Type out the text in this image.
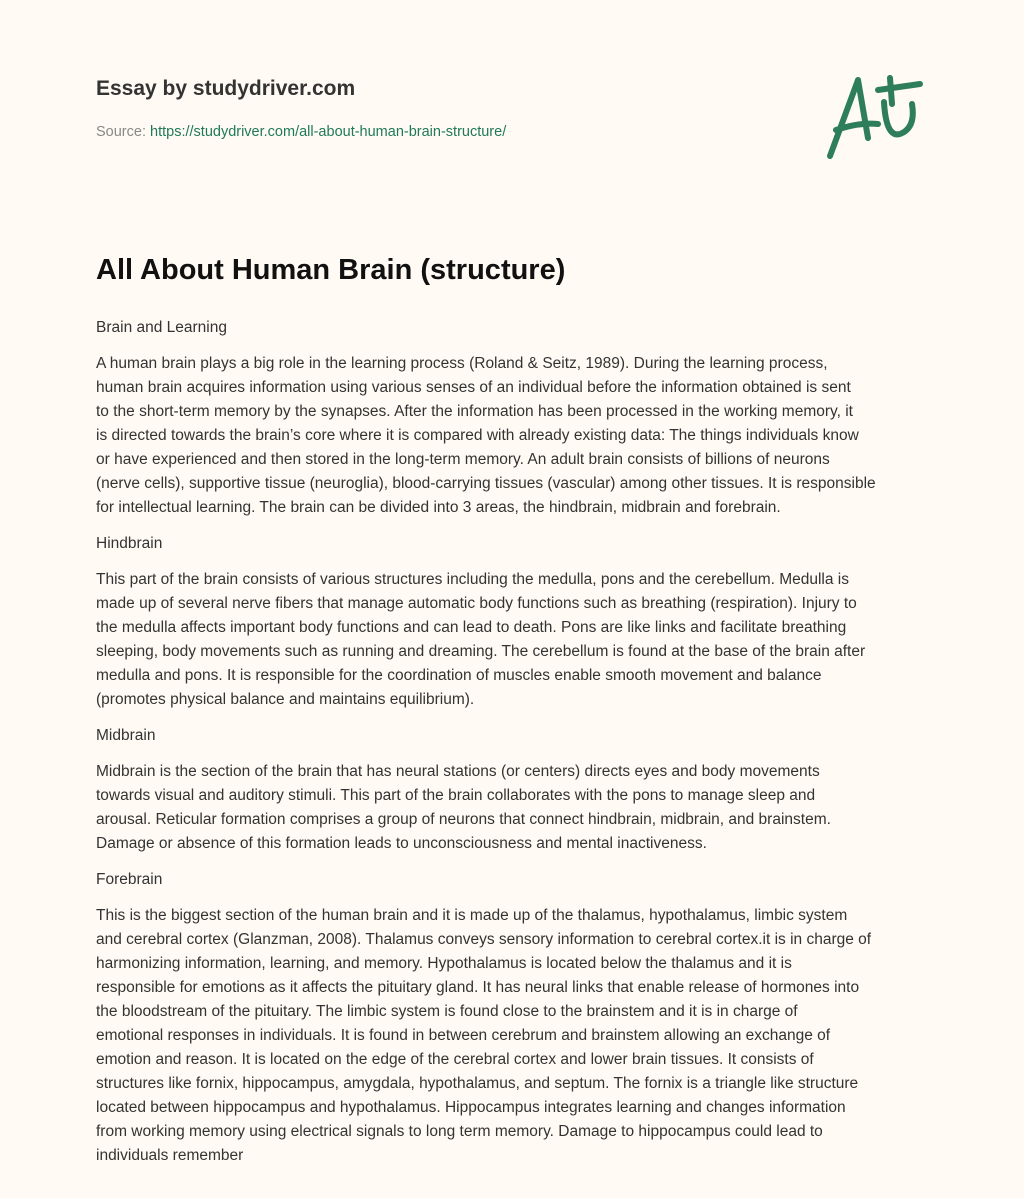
Essay by studydriver.com
Source: https://studydriver.com/all-about-human-brain-structure/
All About Human Brain (structure)
Brain and Learning
A human brain plays a big role in the learning process (Roland & Seitz, 1989). During the learning process,
human brain acquires information using various senses of an individual before the information obtained is sent
to the short-term memory by the synapses. After the information has been processed in the working memory, it
is directed towards the brain’s core where it is compared with already existing data: The things individuals know
or have experienced and then stored in the long-term memory. An adult brain consists of billions of neurons
(nerve cells), supportive tissue (neuroglia), blood-carrying tissues (vascular) among other tissues. It is responsible
for intellectual learning. The brain can be divided into 3 areas, the hindbrain, midbrain and forebrain.
Hindbrain
This part of the brain consists of various structures including the medulla, pons and the cerebellum. Medulla is
made up of several nerve fibers that manage automatic body functions such as breathing (respiration). Injury to
the medulla affects important body functions and can lead to death. Pons are like links and facilitate breathing
sleeping, body movements such as running and dreaming. The cerebellum is found at the base of the brain after
medulla and pons. It is responsible for the coordination of muscles enable smooth movement and balance
(promotes physical balance and maintains equilibrium).
Midbrain
Midbrain is the section of the brain that has neural stations (or centers) directs eyes and body movements
towards visual and auditory stimuli. This part of the brain collaborates with the pons to manage sleep and
arousal. Reticular formation comprises a group of neurons that connect hindbrain, midbrain, and brainstem.
Damage or absence of this formation leads to unconsciousness and mental inactiveness.
Forebrain
This is the biggest section of the human brain and it is made up of the thalamus, hypothalamus, limbic system
and cerebral cortex (Glanzman, 2008). Thalamus conveys sensory information to cerebral cortex.it is in charge of
harmonizing information, learning, and memory. Hypothalamus is located below the thalamus and it is
responsible for emotions as it affects the pituitary gland. It has neural links that enable release of hormones into
the bloodstream of the pituitary. The limbic system is found close to the brainstem and it is in charge of
emotional responses in individuals. It is found in between cerebrum and brainstem allowing an exchange of
emotion and reason. It is located on the edge of the cerebral cortex and lower brain tissues. It consists of
structures like fornix, hippocampus, amygdala, hypothalamus, and septum. The fornix is a triangle like structure
located between hippocampus and hypothalamus. Hippocampus integrates learning and changes information
from working memory using electrical signals to long term memory. Damage to hippocampus could lead to
individuals remember
